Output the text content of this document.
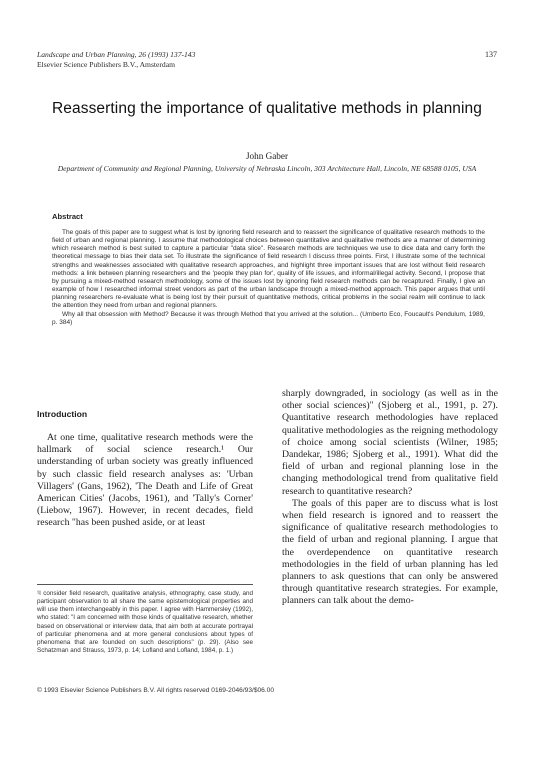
Landscape and Urban Planning, 26 (1993) 137-143
Elsevier Science Publishers B.V., Amsterdam
137
Reasserting the importance of qualitative methods in planning
John Gaber
Department of Community and Regional Planning, University of Nebraska Lincoln, 303 Architecture Hall, Lincoln, NE 68588 0105, USA
Abstract

The goals of this paper are to suggest what is lost by ignoring field research and to reassert the significance of qualitative research methods to the field of urban and regional planning. I assume that methodological choices between quantitative and qualitative methods are a manner of determining which research method is best suited to capture a particular "data slice". Research methods are techniques we use to dice data and carry forth the theoretical message to bias their data set. To illustrate the significance of field research I discuss three points. First, I illustrate some of the technical strengths and weaknesses associated with qualitative research approaches, and highlight three important issues that are lost without field research methods: a link between planning researchers and the 'people they plan for', quality of life issues, and informal/illegal activity. Second, I propose that by pursuing a mixed-method research methodology, some of the issues lost by ignoring field research methods can be recaptured. Finally, I give an example of how I researched informal street vendors as part of the urban landscape through a mixed-method approach. This paper argues that until planning researchers re-evaluate what is being lost by their pursuit of quantitative methods, critical problems in the social realm will continue to lack the attention they need from urban and regional planners.

Why all that obsession with Method? Because it was through Method that you arrived at the solution... (Umberto Eco, Foucault's Pendulum, 1989, p. 384)

Introduction

At one time, qualitative research methods were the hallmark of social science research.¹ Our understanding of urban society was greatly influenced by such classic field research analyses as: 'Urban Villagers' (Gans, 1962), 'The Death and Life of Great American Cities' (Jacobs, 1961), and 'Tally's Corner' (Liebow, 1967). However, in recent decades, field research "has been pushed aside, or at least

¹I consider field research, qualitative analysis, ethnography, case study, and participant observation to all share the same epistemological properties and will use them interchangeably in this paper. I agree with Hammersley (1992), who stated: "I am concerned with those kinds of qualitative research, whether based on observational or interview data, that aim both at accurate portrayal of particular phenomena and at more general conclusions about types of phenomena that are founded on such descriptions" (p. 29). (Also see Schatzman and Strauss, 1973, p. 14; Lofland and Lofland, 1984, p. 1.)

sharply downgraded, in sociology (as well as in the other social sciences)" (Sjoberg et al., 1991, p. 27). Quantitative research methodologies have replaced qualitative methodologies as the reigning methodology of choice among social scientists (Wilner, 1985; Dandekar, 1986; Sjoberg et al., 1991). What did the field of urban and regional planning lose in the changing methodological trend from qualitative field research to quantitative research?

The goals of this paper are to discuss what is lost when field research is ignored and to reassert the significance of qualitative research methodologies to the field of urban and regional planning. I argue that the overdependence on quantitative research methodologies in the field of urban planning has led planners to ask questions that can only be answered through quantitative research strategies. For example, planners can talk about the demo-

© 1993 Elsevier Science Publishers B.V. All rights reserved 0169-2046/93/$06.00
